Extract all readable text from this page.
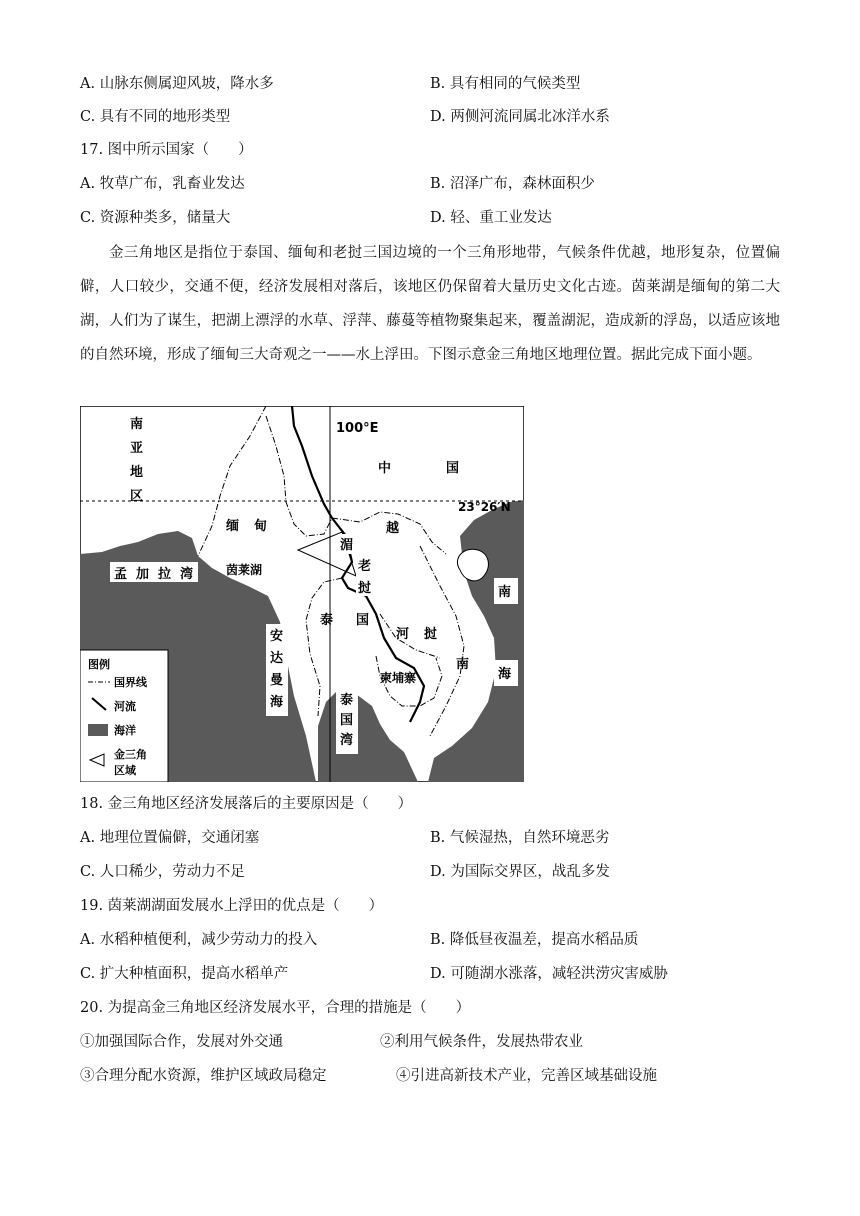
A. 山脉东侧属迎风坡，降水多	B. 具有相同的气候类型
C. 具有不同的地形类型	D. 两侧河流同属北冰洋水系
17. 图中所示国家（　　）
A. 牧草广布，乳畜业发达	B. 沼泽广布，森林面积少
C. 资源种类多，储量大	D. 轻、重工业发达
金三角地区是指位于泰国、缅甸和老挝三国边境的一个三角形地带，气候条件优越，地形复杂，位置偏僻，人口较少，交通不便，经济发展相对落后，该地区仍保留着大量历史文化古迹。茵莱湖是缅甸的第二大湖，人们为了谋生，把湖上漂浮的水草、浮萍、藤蔓等植物聚集起来，覆盖湖泥，造成新的浮岛，以适应该地的自然环境，形成了缅甸三大奇观之一——水上浮田。下图示意金三角地区地理位置。据此完成下面小题。
100°E
23°26′N
南
亚
地
区
中	国
缅 甸
茵莱湖
孟 加 拉 湾
湄
老
挝
越
泰 国
河 挝
南
安
达
曼
海
柬埔寨
泰
国
湾
南
海
图例
国界线
河流
海洋
金三角
区域
18. 金三角地区经济发展落后的主要原因是（　　）
A. 地理位置偏僻，交通闭塞	B. 气候湿热，自然环境恶劣
C. 人口稀少，劳动力不足	D. 为国际交界区，战乱多发
19. 茵莱湖湖面发展水上浮田的优点是（　　）
A. 水稻种植便利，减少劳动力的投入	B. 降低昼夜温差，提高水稻品质
C. 扩大种植面积，提高水稻单产	D. 可随湖水涨落，减轻洪涝灾害威胁
20. 为提高金三角地区经济发展水平，合理的措施是（　　）
①加强国际合作，发展对外交通	②利用气候条件，发展热带农业
③合理分配水资源，维护区域政局稳定	④引进高新技术产业，完善区域基础设施
